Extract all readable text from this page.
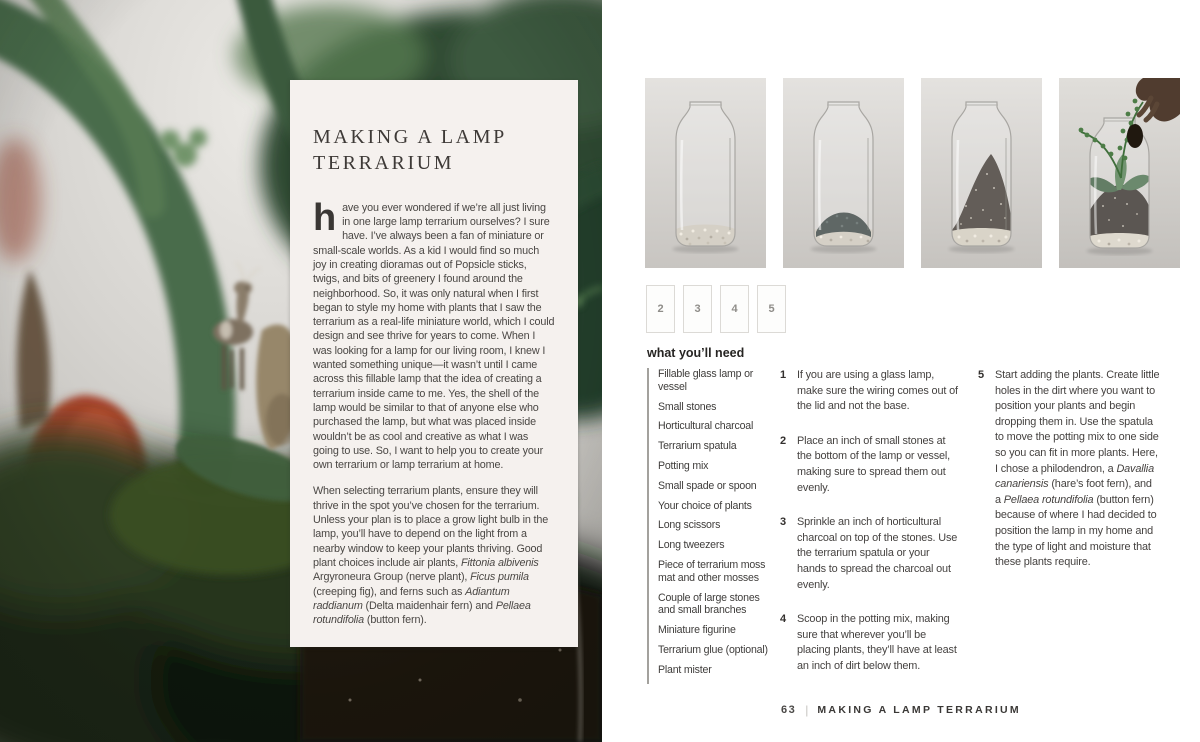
MAKING A LAMP TERRARIUM

have you ever wondered if we’re all just living in one large lamp terrarium ourselves? I sure have. I’ve always been a fan of miniature or small-scale worlds. As a kid I would find so much joy in creating dioramas out of Popsicle sticks, twigs, and bits of greenery I found around the neighborhood. So, it was only natural when I first began to style my home with plants that I saw the terrarium as a real-life miniature world, which I could design and see thrive for years to come. When I was looking for a lamp for our living room, I knew I wanted something unique—it wasn’t until I came across this fillable lamp that the idea of creating a terrarium inside came to me. Yes, the shell of the lamp would be similar to that of anyone else who purchased the lamp, but what was placed inside wouldn’t be as cool and creative as what I was going to use. So, I want to help you to create your own terrarium or lamp terrarium at home.

When selecting terrarium plants, ensure they will thrive in the spot you’ve chosen for the terrarium. Unless your plan is to place a grow light bulb in the lamp, you’ll have to depend on the light from a nearby window to keep your plants thriving. Good plant choices include air plants, Fittonia albivenis Argyroneura Group (nerve plant), Ficus pumila (creeping fig), and ferns such as Adiantum raddianum (Delta maidenhair fern) and Pellaea rotundifolia (button fern).

2	3	4	5
what you’ll need
Fillable glass lamp or vessel
Small stones
Horticultural charcoal
Terrarium spatula
Potting mix
Small spade or spoon
Your choice of plants
Long scissors
Long tweezers
Piece of terrarium moss mat and other mosses
Couple of large stones and small branches
Miniature figurine
Terrarium glue (optional)
Plant mister
1 If you are using a glass lamp, make sure the wiring comes out of the lid and not the base.
2 Place an inch of small stones at the bottom of the lamp or vessel, making sure to spread them out evenly.
3 Sprinkle an inch of horticultural charcoal on top of the stones. Use the terrarium spatula or your hands to spread the charcoal out evenly.
4 Scoop in the potting mix, making sure that wherever you’ll be placing plants, they’ll have at least an inch of dirt below them.
5 Start adding the plants. Create little holes in the dirt where you want to position your plants and begin dropping them in. Use the spatula to move the potting mix to one side so you can fit in more plants. Here, I chose a philodendron, a Davallia canariensis (hare’s foot fern), and a Pellaea rotundifolia (button fern) because of where I had decided to position the lamp in my home and the type of light and moisture that these plants require.
63 | MAKING A LAMP TERRARIUM
